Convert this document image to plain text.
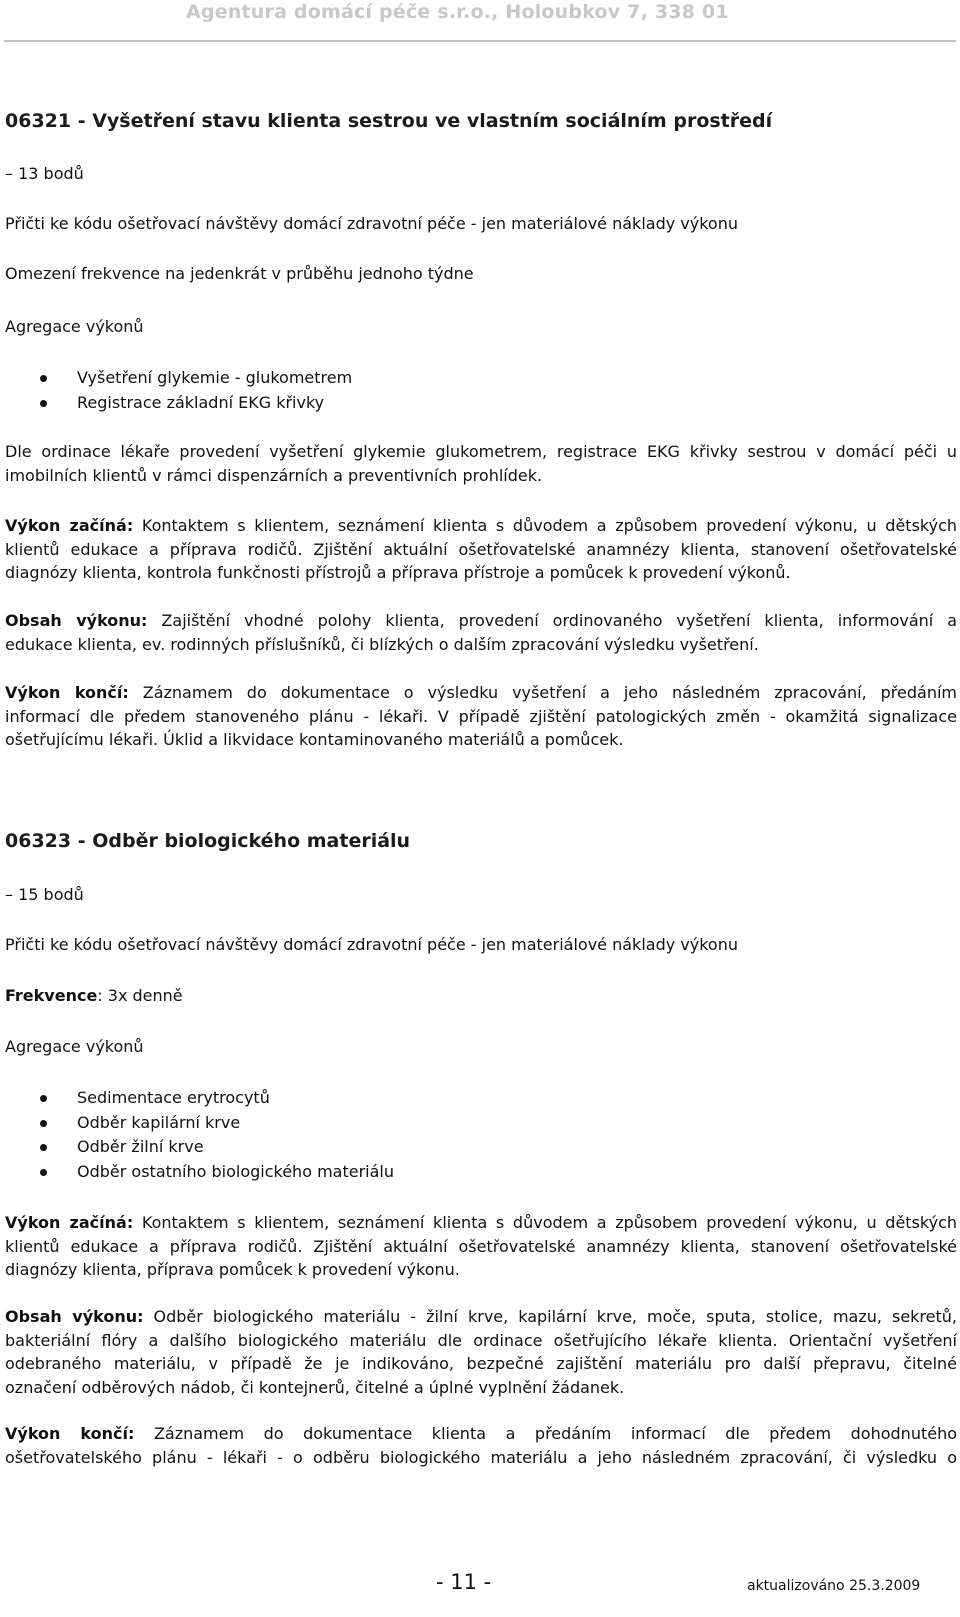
Agentura domácí péče s.r.o., Holoubkov 7, 338 01
06321 - Vyšetření stavu klienta sestrou ve vlastním sociálním prostředí
– 13 bodů
Přičti ke kódu ošetřovací návštěvy domácí zdravotní péče - jen materiálové náklady výkonu
Omezení frekvence na jedenkrát v průběhu jednoho týdne
Agregace výkonů
Vyšetření glykemie - glukometrem
Registrace základní EKG křivky
Dle ordinace lékaře provedení vyšetření glykemie glukometrem, registrace EKG křivky sestrou v domácí péči u
imobilních klientů v rámci dispenzárních a preventivních prohlídek.
Výkon začíná: Kontaktem s klientem, seznámení klienta s důvodem a způsobem provedení výkonu, u dětských
klientů edukace a příprava rodičů. Zjištění aktuální ošetřovatelské anamnézy klienta, stanovení ošetřovatelské
diagnózy klienta, kontrola funkčnosti přístrojů a příprava přístroje a pomůcek k provedení výkonů.
Obsah výkonu: Zajištění vhodné polohy klienta, provedení ordinovaného vyšetření klienta, informování a
edukace klienta, ev. rodinných příslušníků, či blízkých o dalším zpracování výsledku vyšetření.
Výkon končí: Záznamem do dokumentace o výsledku vyšetření a jeho následném zpracování, předáním
informací dle předem stanoveného plánu - lékaři. V případě zjištění patologických změn - okamžitá signalizace
ošetřujícímu lékaři. Úklid a likvidace kontaminovaného materiálů a pomůcek.
06323 - Odběr biologického materiálu
– 15 bodů
Přičti ke kódu ošetřovací návštěvy domácí zdravotní péče - jen materiálové náklady výkonu
Frekvence: 3x denně
Agregace výkonů
Sedimentace erytrocytů
Odběr kapilární krve
Odběr žilní krve
Odběr ostatního biologického materiálu
Výkon začíná: Kontaktem s klientem, seznámení klienta s důvodem a způsobem provedení výkonu, u dětských
klientů edukace a příprava rodičů. Zjištění aktuální ošetřovatelské anamnézy klienta, stanovení ošetřovatelské
diagnózy klienta, příprava pomůcek k provedení výkonu.
Obsah výkonu: Odběr biologického materiálu - žilní krve, kapilární krve, moče, sputa, stolice, mazu, sekretů,
bakteriální flóry a dalšího biologického materiálu dle ordinace ošetřujícího lékaře klienta. Orientační vyšetření
odebraného materiálu, v případě že je indikováno, bezpečné zajištění materiálu pro další přepravu, čitelné
označení odběrových nádob, či kontejnerů, čitelné a úplné vyplnění žádanek.
Výkon končí: Záznamem do dokumentace klienta a předáním informací dle předem dohodnutého
ošetřovatelského plánu - lékaři - o odběru biologického materiálu a jeho následném zpracování, či výsledku o
- 11 -	aktualizováno 25.3.2009
